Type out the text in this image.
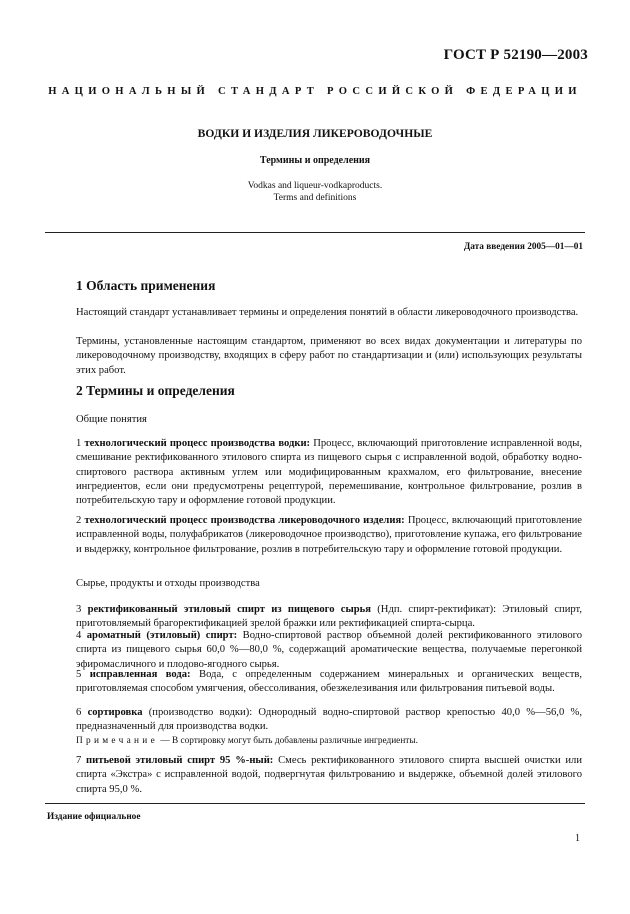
ГОСТ Р 52190—2003
НАЦИОНАЛЬНЫЙ СТАНДАРТ РОССИЙСКОЙ ФЕДЕРАЦИИ
ВОДКИ И ИЗДЕЛИЯ ЛИКЕРОВОДОЧНЫЕ
Термины и определения
Vodkas and liqueur-vodkaproducts.
Terms and definitions
Дата введения 2005—01—01
1 Область применения
Настоящий стандарт устанавливает термины и определения понятий в области ликероводочного производства.
Термины, установленные настоящим стандартом, применяют во всех видах документации и литературы по ликероводочному производству, входящих в сферу работ по стандартизации и (или) использующих результаты этих работ.
2 Термины и определения
Общие понятия
1 технологический процесс производства водки: Процесс, включающий приготовление исправленной воды, смешивание ректификованного этилового спирта из пищевого сырья с исправленной водой, обработку водно-спиртового раствора активным углем или модифицированным крахмалом, его фильтрование, внесение ингредиентов, если они предусмотрены рецептурой, перемешивание, контрольное фильтрование, розлив в потребительскую тару и оформление готовой продукции.
2 технологический процесс производства ликероводочного изделия: Процесс, включающий приготовление исправленной воды, полуфабрикатов (ликероводочное производство), приготовление купажа, его фильтрование и выдержку, контрольное фильтрование, розлив в потребительскую тару и оформление готовой продукции.
Сырье, продукты и отходы производства
3 ректификованный этиловый спирт из пищевого сырья (Ндп. спирт-ректификат): Этиловый спирт, приготовляемый брагоректификацией зрелой бражки или ректификацией спирта-сырца.
4 ароматный (этиловый) спирт: Водно-спиртовой раствор объемной долей ректификованного этилового спирта из пищевого сырья 60,0 %—80,0 %, содержащий ароматические вещества, получаемые перегонкой эфиромасличного и плодово-ягодного сырья.
5 исправленная вода: Вода, с определенным содержанием минеральных и органических веществ, приготовляемая способом умягчения, обессоливания, обезжелезивания или фильтрования питьевой воды.
6 сортировка (производство водки): Однородный водно-спиртовой раствор крепостью 40,0 %—56,0 %, предназначенный для производства водки.
Примечание — В сортировку могут быть добавлены различные ингредиенты.
7 питьевой этиловый спирт 95 %-ный: Смесь ректификованного этилового спирта высшей очистки или спирта «Экстра» с исправленной водой, подвергнутая фильтрованию и выдержке, объемной долей этилового спирта 95,0 %.
Издание официальное
1
